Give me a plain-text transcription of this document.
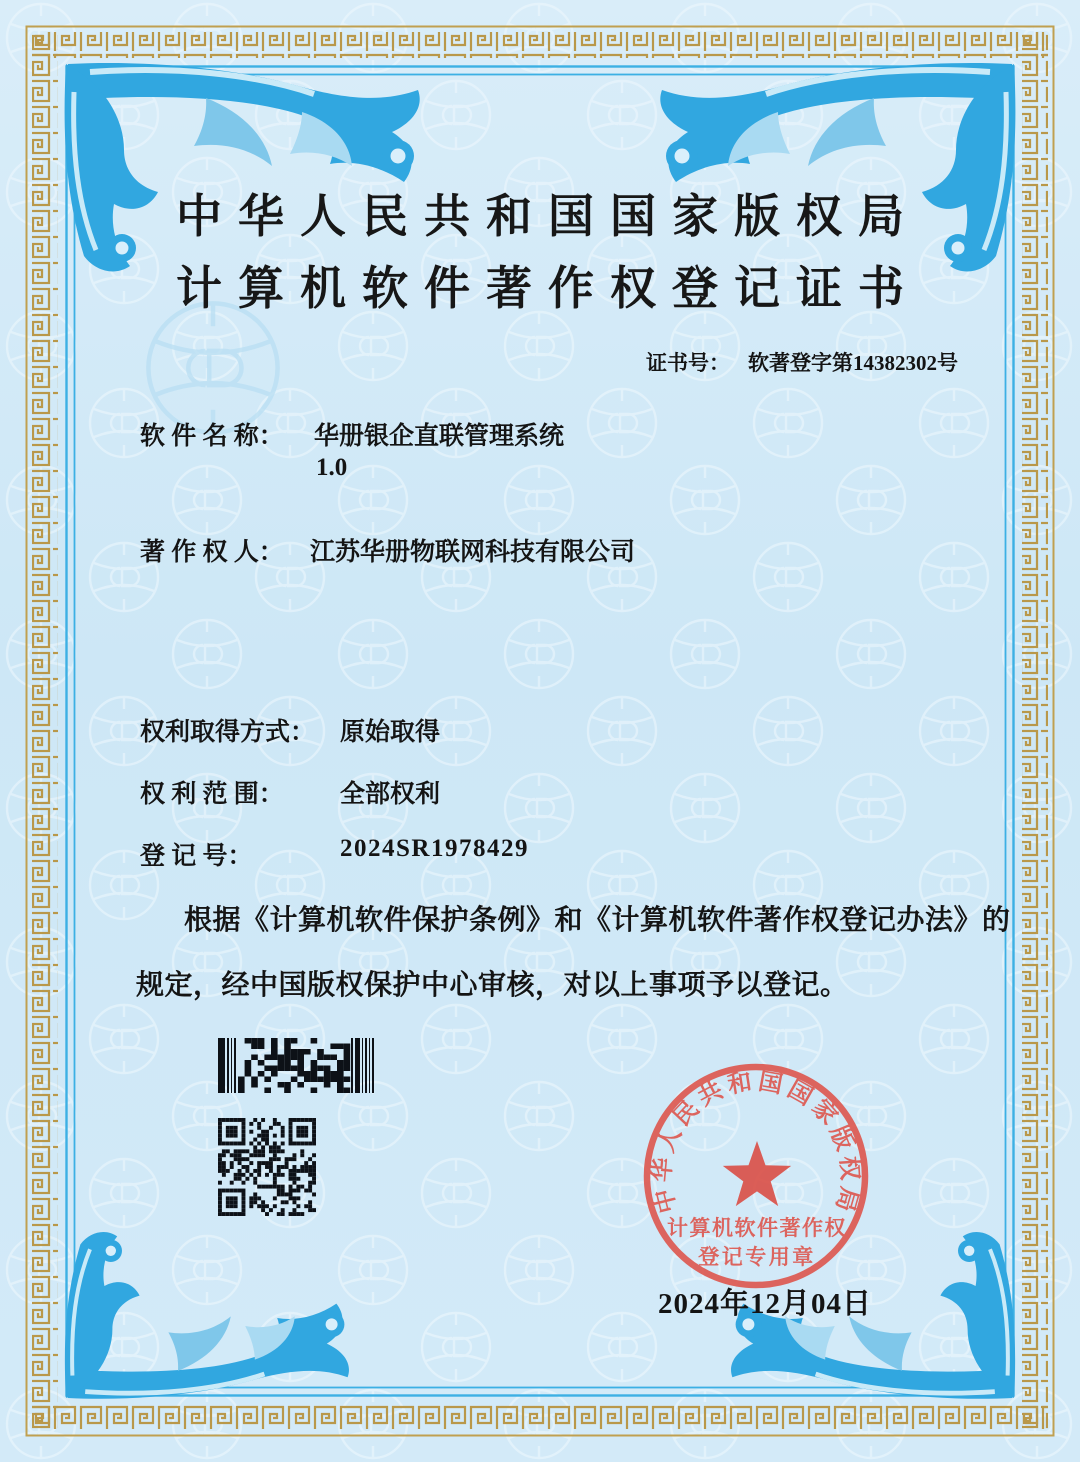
中华人民共和国国家版权局
计算机软件著作权登记证书
证书号： 软著登字第14382302号
软 件 名 称： 华册银企直联管理系统
1.0
著 作 权 人： 江苏华册物联网科技有限公司
权利取得方式： 原始取得
权 利 范 围： 全部权利
登 记 号：	2024SR1978429
根据《计算机软件保护条例》和《计算机软件著作权登记办法》的
规定，经中国版权保护中心审核，对以上事项予以登记。
中华人民共和国国家版权局
计算机软件著作权
登记专用章
2024年12月04日
